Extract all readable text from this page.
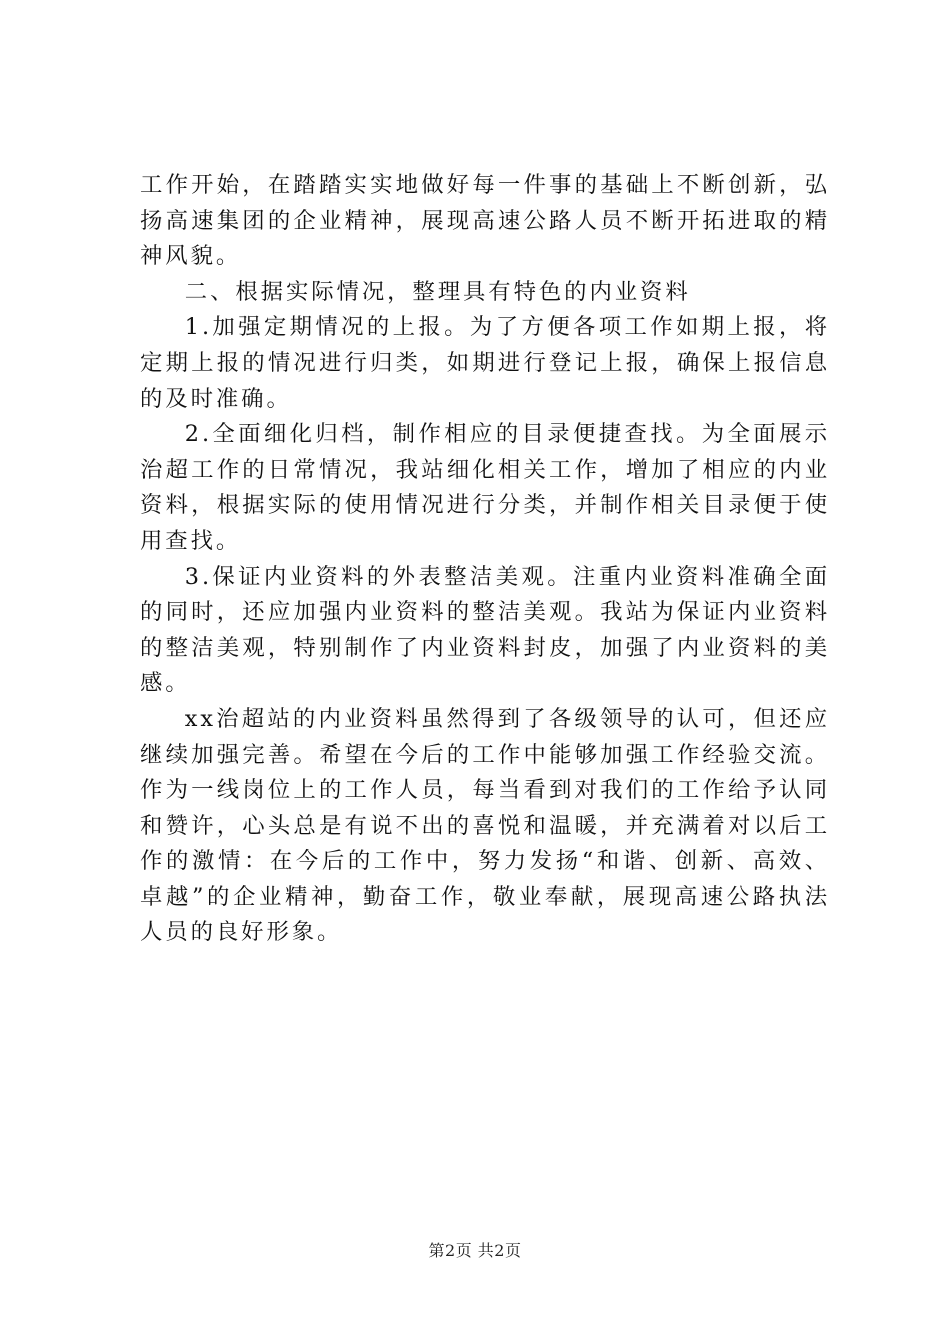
工作开始，在踏踏实实地做好每一件事的基础上不断创新，弘扬高速集团的企业精神，展现高速公路人员不断开拓进取的精神风貌。

二、根据实际情况，整理具有特色的内业资料

1.加强定期情况的上报。为了方便各项工作如期上报，将定期上报的情况进行归类，如期进行登记上报，确保上报信息的及时准确。

2.全面细化归档，制作相应的目录便捷查找。为全面展示治超工作的日常情况，我站细化相关工作，增加了相应的内业资料，根据实际的使用情况进行分类，并制作相关目录便于使用查找。

3.保证内业资料的外表整洁美观。注重内业资料准确全面的同时，还应加强内业资料的整洁美观。我站为保证内业资料的整洁美观，特别制作了内业资料封皮，加强了内业资料的美感。

xx治超站的内业资料虽然得到了各级领导的认可，但还应继续加强完善。希望在今后的工作中能够加强工作经验交流。作为一线岗位上的工作人员，每当看到对我们的工作给予认同和赞许，心头总是有说不出的喜悦和温暖，并充满着对以后工作的激情：在今后的工作中，努力发扬“和谐、创新、高效、卓越”的企业精神，勤奋工作，敬业奉献，展现高速公路执法人员的良好形象。

第2页 共2页
